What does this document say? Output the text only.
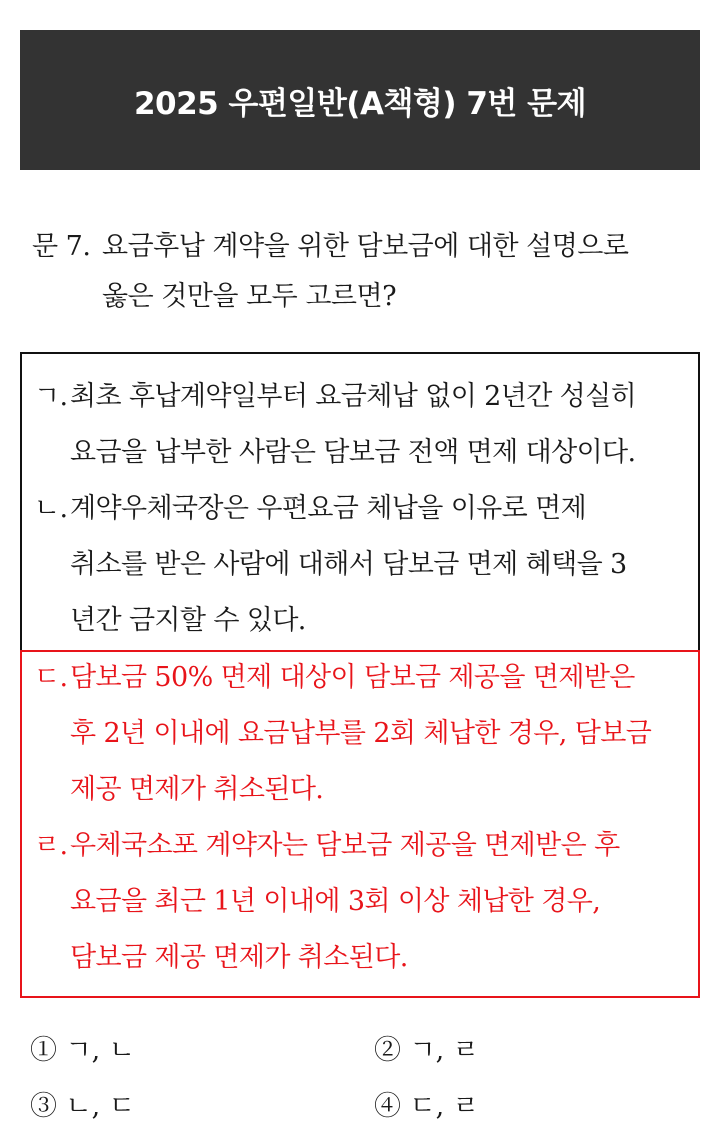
2025 우편일반(A책형) 7번 문제
문 7. 요금후납 계약을 위한 담보금에 대한 설명으로
옳은 것만을 모두 고르면?
ㄱ.최초 후납계약일부터 요금체납 없이 2년간 성실히
요금을 납부한 사람은 담보금 전액 면제 대상이다.
ㄴ.계약우체국장은 우편요금 체납을 이유로 면제
취소를 받은 사람에 대해서 담보금 면제 혜택을 3
년간 금지할 수 있다.
ㄷ.담보금 50% 면제 대상이 담보금 제공을 면제받은
후 2년 이내에 요금납부를 2회 체납한 경우, 담보금
제공 면제가 취소된다.
ㄹ.우체국소포 계약자는 담보금 제공을 면제받은 후
요금을 최근 1년 이내에 3회 이상 체납한 경우,
담보금 제공 면제가 취소된다.
① ㄱ, ㄴ	② ㄱ, ㄹ
③ ㄴ, ㄷ	④ ㄷ, ㄹ
